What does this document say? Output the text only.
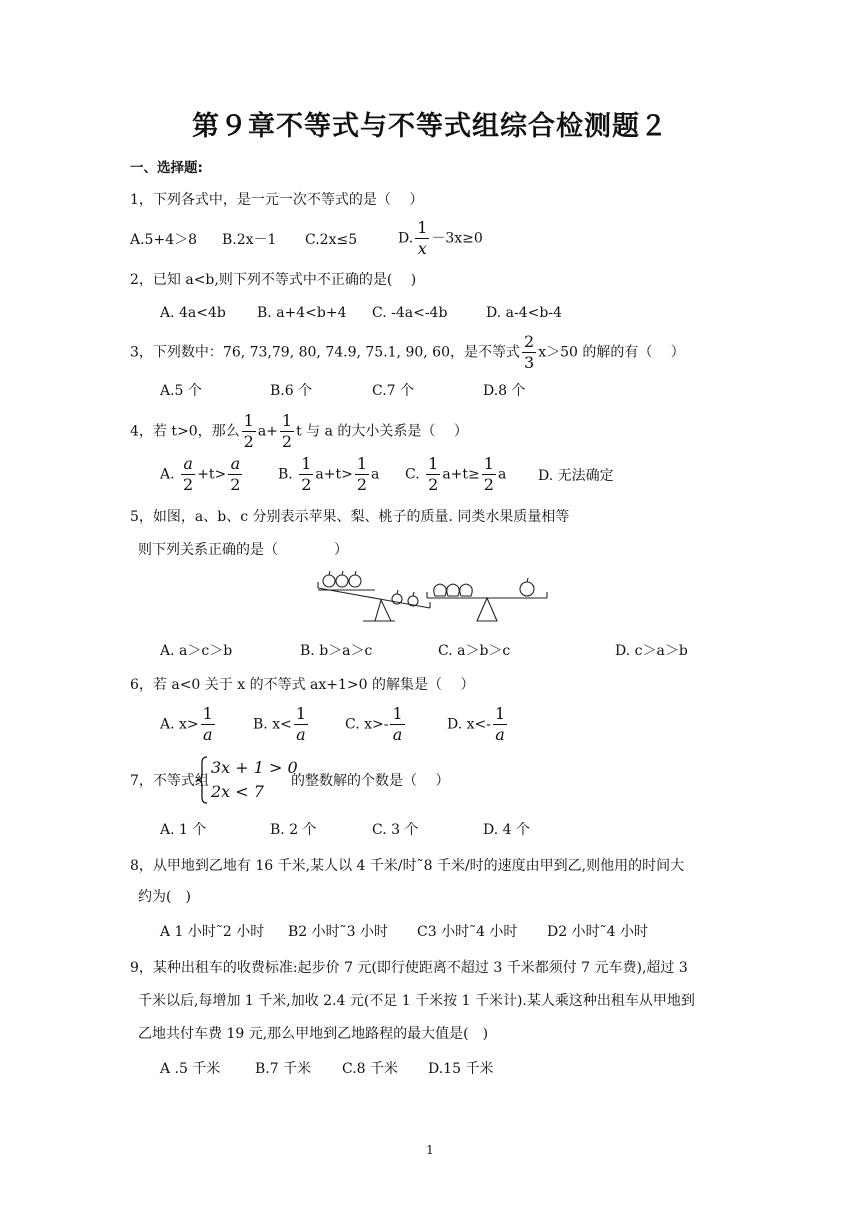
第９章不等式与不等式组综合检测题２
一、选择题:
1，下列各式中，是一元一次不等式的是（　 ）
A.5+4＞8 B.2x－1 C.2x≤5	D. $\frac{1}{x} -3x\ge 0$
2，已知 a<b,则下列不等式中不正确的是(　 )
A. 4a<4b B. a+4<b+4 C. -4a<-4b	D. a-4<b-4
3，下列数中：76, 73,79, 80, 74.9, 75.1, 90, 60，是不等式 $\frac{2}{3} x>50$ 的解的有（　 ）
A.5 个	B.6 个	C.7 个	D.8 个
4，若 t>0，那么 $\frac{1}{2} a+ \frac{1}{2}$ t 与 a 的大小关系是（　 ）
A. $\frac{a}{2} +t> \frac{a}{2}$	B. $\frac{1}{2} a+t> \frac{1}{2}$ a C. $\frac{1}{2} a+t\ge \frac{1}{2}$ a D. 无法确定
5，如图，a、b、c 分别表示苹果、梨、桃子的质量. 同类水果质量相等
则下列关系正确的是（　　　　）
A. a＞c＞b	B. b＞a＞c	C. a＞b＞c	D. c＞a＞b
6，若 a<0 关于 x 的不等式 ax+1>0 的解集是（　 ）
A. $x> \frac{1}{a}$	B. $x< \frac{1}{a}$	C. $x>- \frac{1}{a}$	D. $x<- \frac{1}{a}$
7，不等式组
3x + 1 > 0
2x < 7
的整数解的个数是（　 ）
A. 1 个	B. 2 个	C. 3 个	D. 4 个
8，从甲地到乙地有 16 千米,某人以 4 千米/时˜8 千米/时的速度由甲到乙,则他用的时间大
约为(　)
A 1 小时˜2 小时 B2 小时˜3 小时 C3 小时˜4 小时 D2 小时˜4 小时
9，某种出租车的收费标准:起步价 7 元(即行使距离不超过 3 千米都须付 7 元车费),超过 3
千米以后,每增加 1 千米,加收 2.4 元(不足 1 千米按 1 千米计).某人乘这种出租车从甲地到
乙地共付车费 19 元,那么甲地到乙地路程的最大值是(　)
A .5 千米 B.7 千米 C.8 千米 D.15 千米
1
